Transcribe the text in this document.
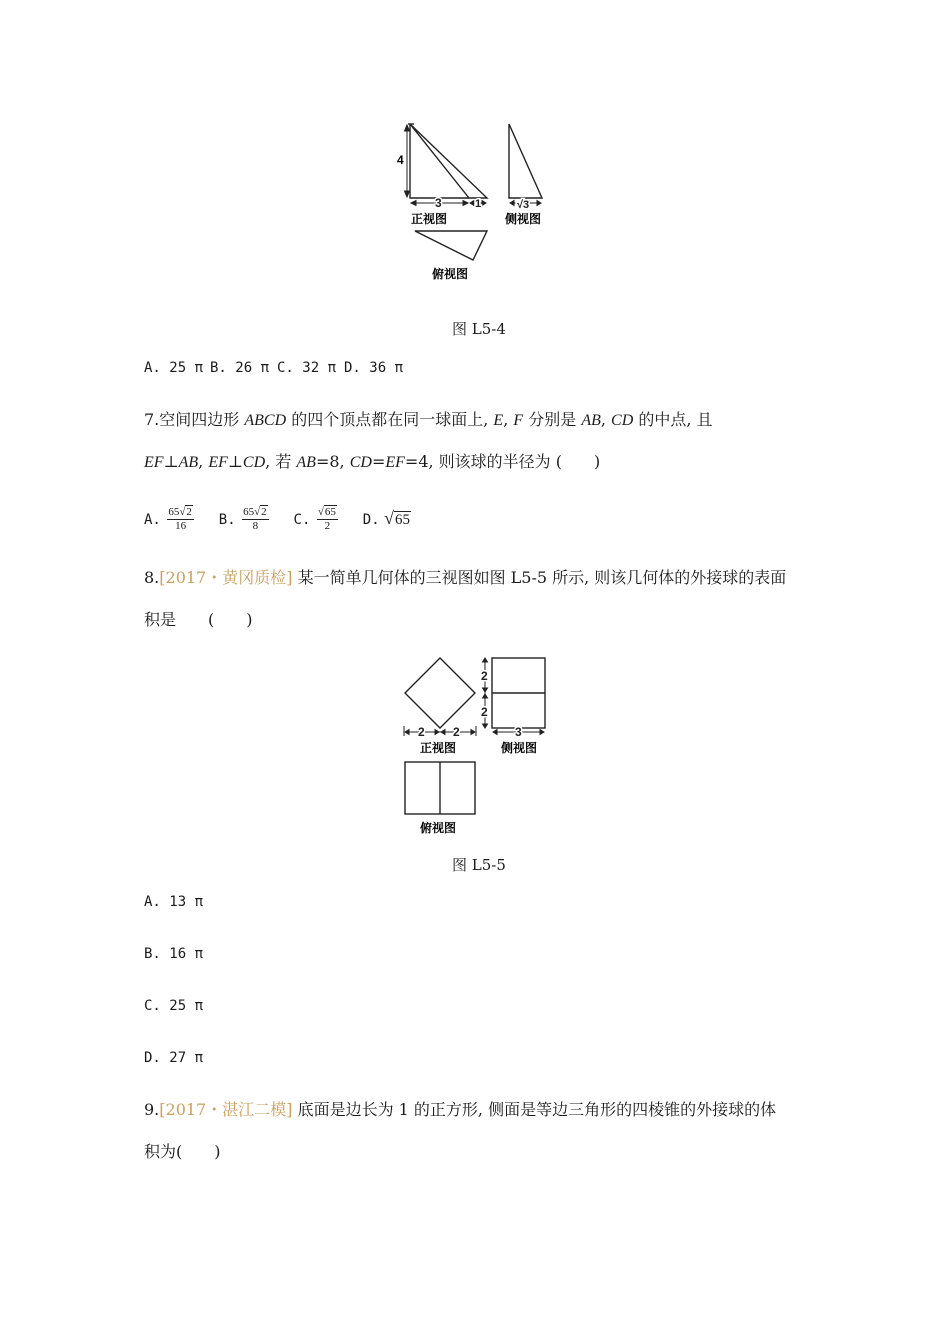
4
3	1
正视图
√3
侧视图
俯视图
图 L5-4
A. 25 π B. 26 π C. 32 π D. 36 π
7.空间四边形 ABCD 的四个顶点都在同一球面上, E, F 分别是 AB, CD 的中点, 且
EF⊥AB, EF⊥CD, 若 AB=8, CD=EF=4, 则该球的半径为 (　　)
A. $\frac{65√2}{16} B$. $\frac{65√2}{8} C$. $\frac{√65}{2} D$. √65
8.[2017・黄冈质检] 某一简单几何体的三视图如图 L5-5 所示, 则该几何体的外接球的表面
积是　　(　　)
2 2
正视图
2
2
3
侧视图
俯视图
图 L5-5
A. 13 π
B. 16 π
C. 25 π
D. 27 π
9.[2017・湛江二模] 底面是边长为 1 的正方形, 侧面是等边三角形的四棱锥的外接球的体
积为(　　)
